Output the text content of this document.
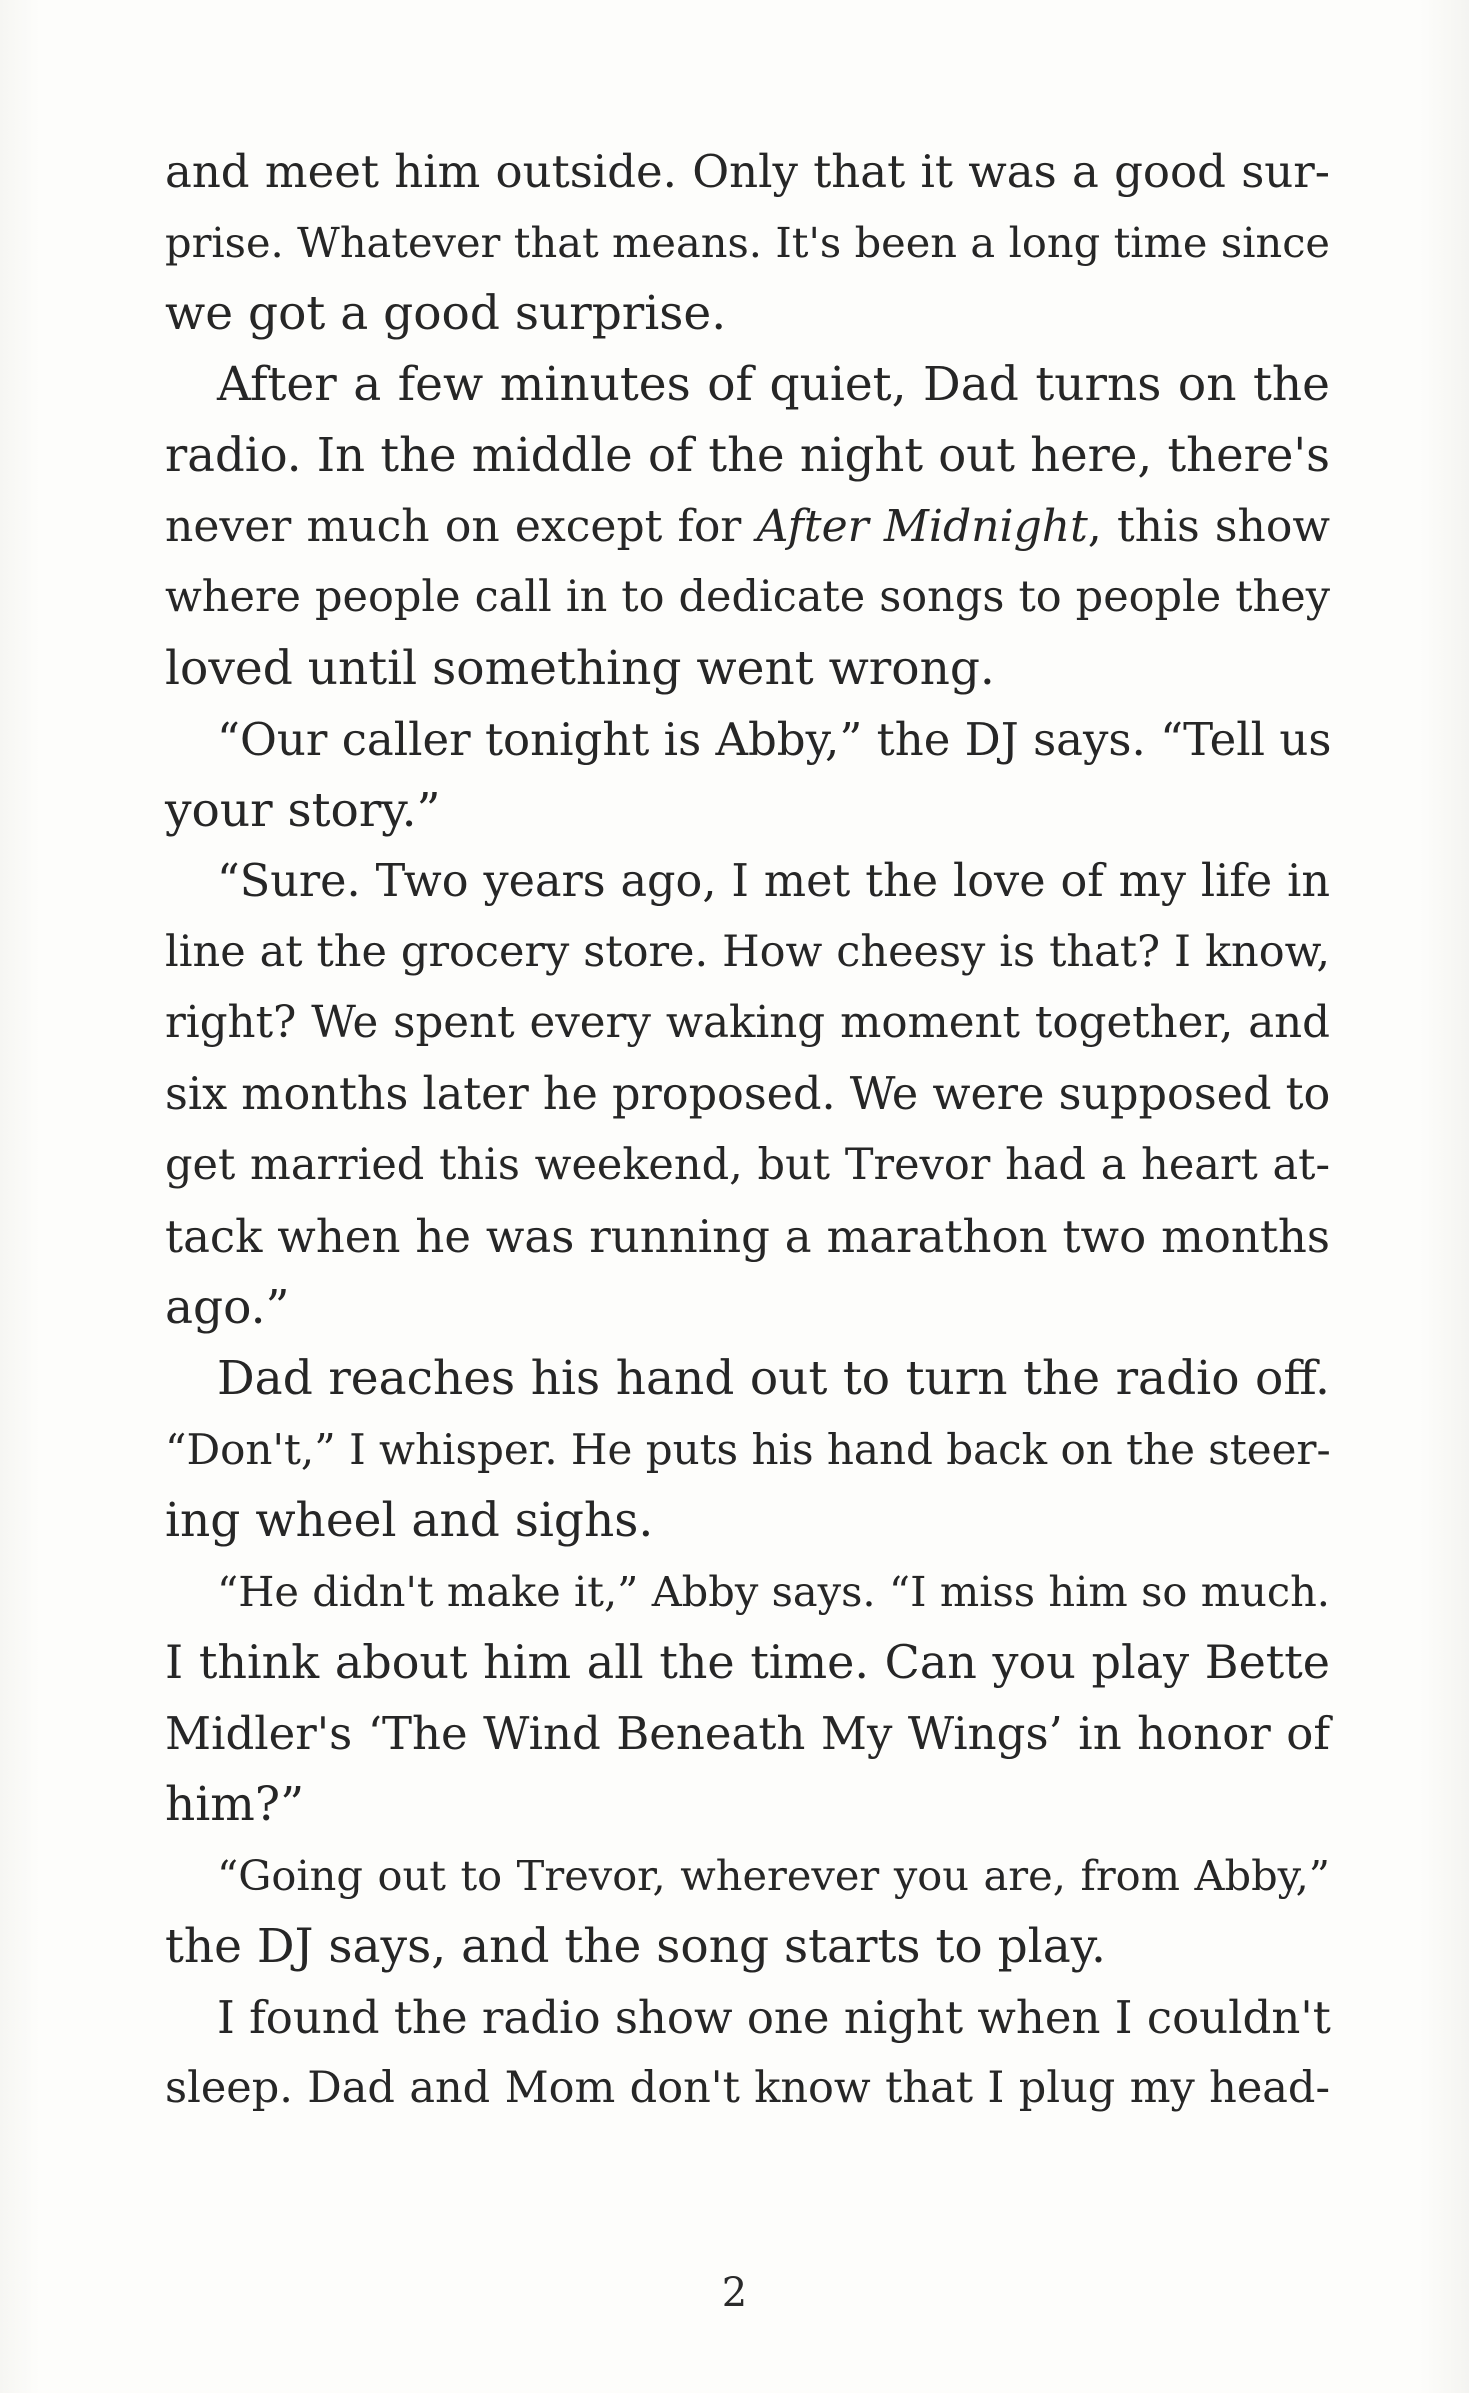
and meet him outside. Only that it was a good sur-
prise. Whatever that means. It's been a long time since
we got a good surprise.
After a few minutes of quiet, Dad turns on the
radio. In the middle of the night out here, there's
never much on except for After Midnight, this show
where people call in to dedicate songs to people they
loved until something went wrong.
“Our caller tonight is Abby,” the DJ says. “Tell us
your story.”
“Sure. Two years ago, I met the love of my life in
line at the grocery store. How cheesy is that? I know,
right? We spent every waking moment together, and
six months later he proposed. We were supposed to
get married this weekend, but Trevor had a heart at-
tack when he was running a marathon two months
ago.”
Dad reaches his hand out to turn the radio off.
“Don't,” I whisper. He puts his hand back on the steer-
ing wheel and sighs.
“He didn't make it,” Abby says. “I miss him so much.
I think about him all the time. Can you play Bette
Midler's ‘The Wind Beneath My Wings’ in honor of
him?”
“Going out to Trevor, wherever you are, from Abby,”
the DJ says, and the song starts to play.
I found the radio show one night when I couldn't
sleep. Dad and Mom don't know that I plug my head-
2
